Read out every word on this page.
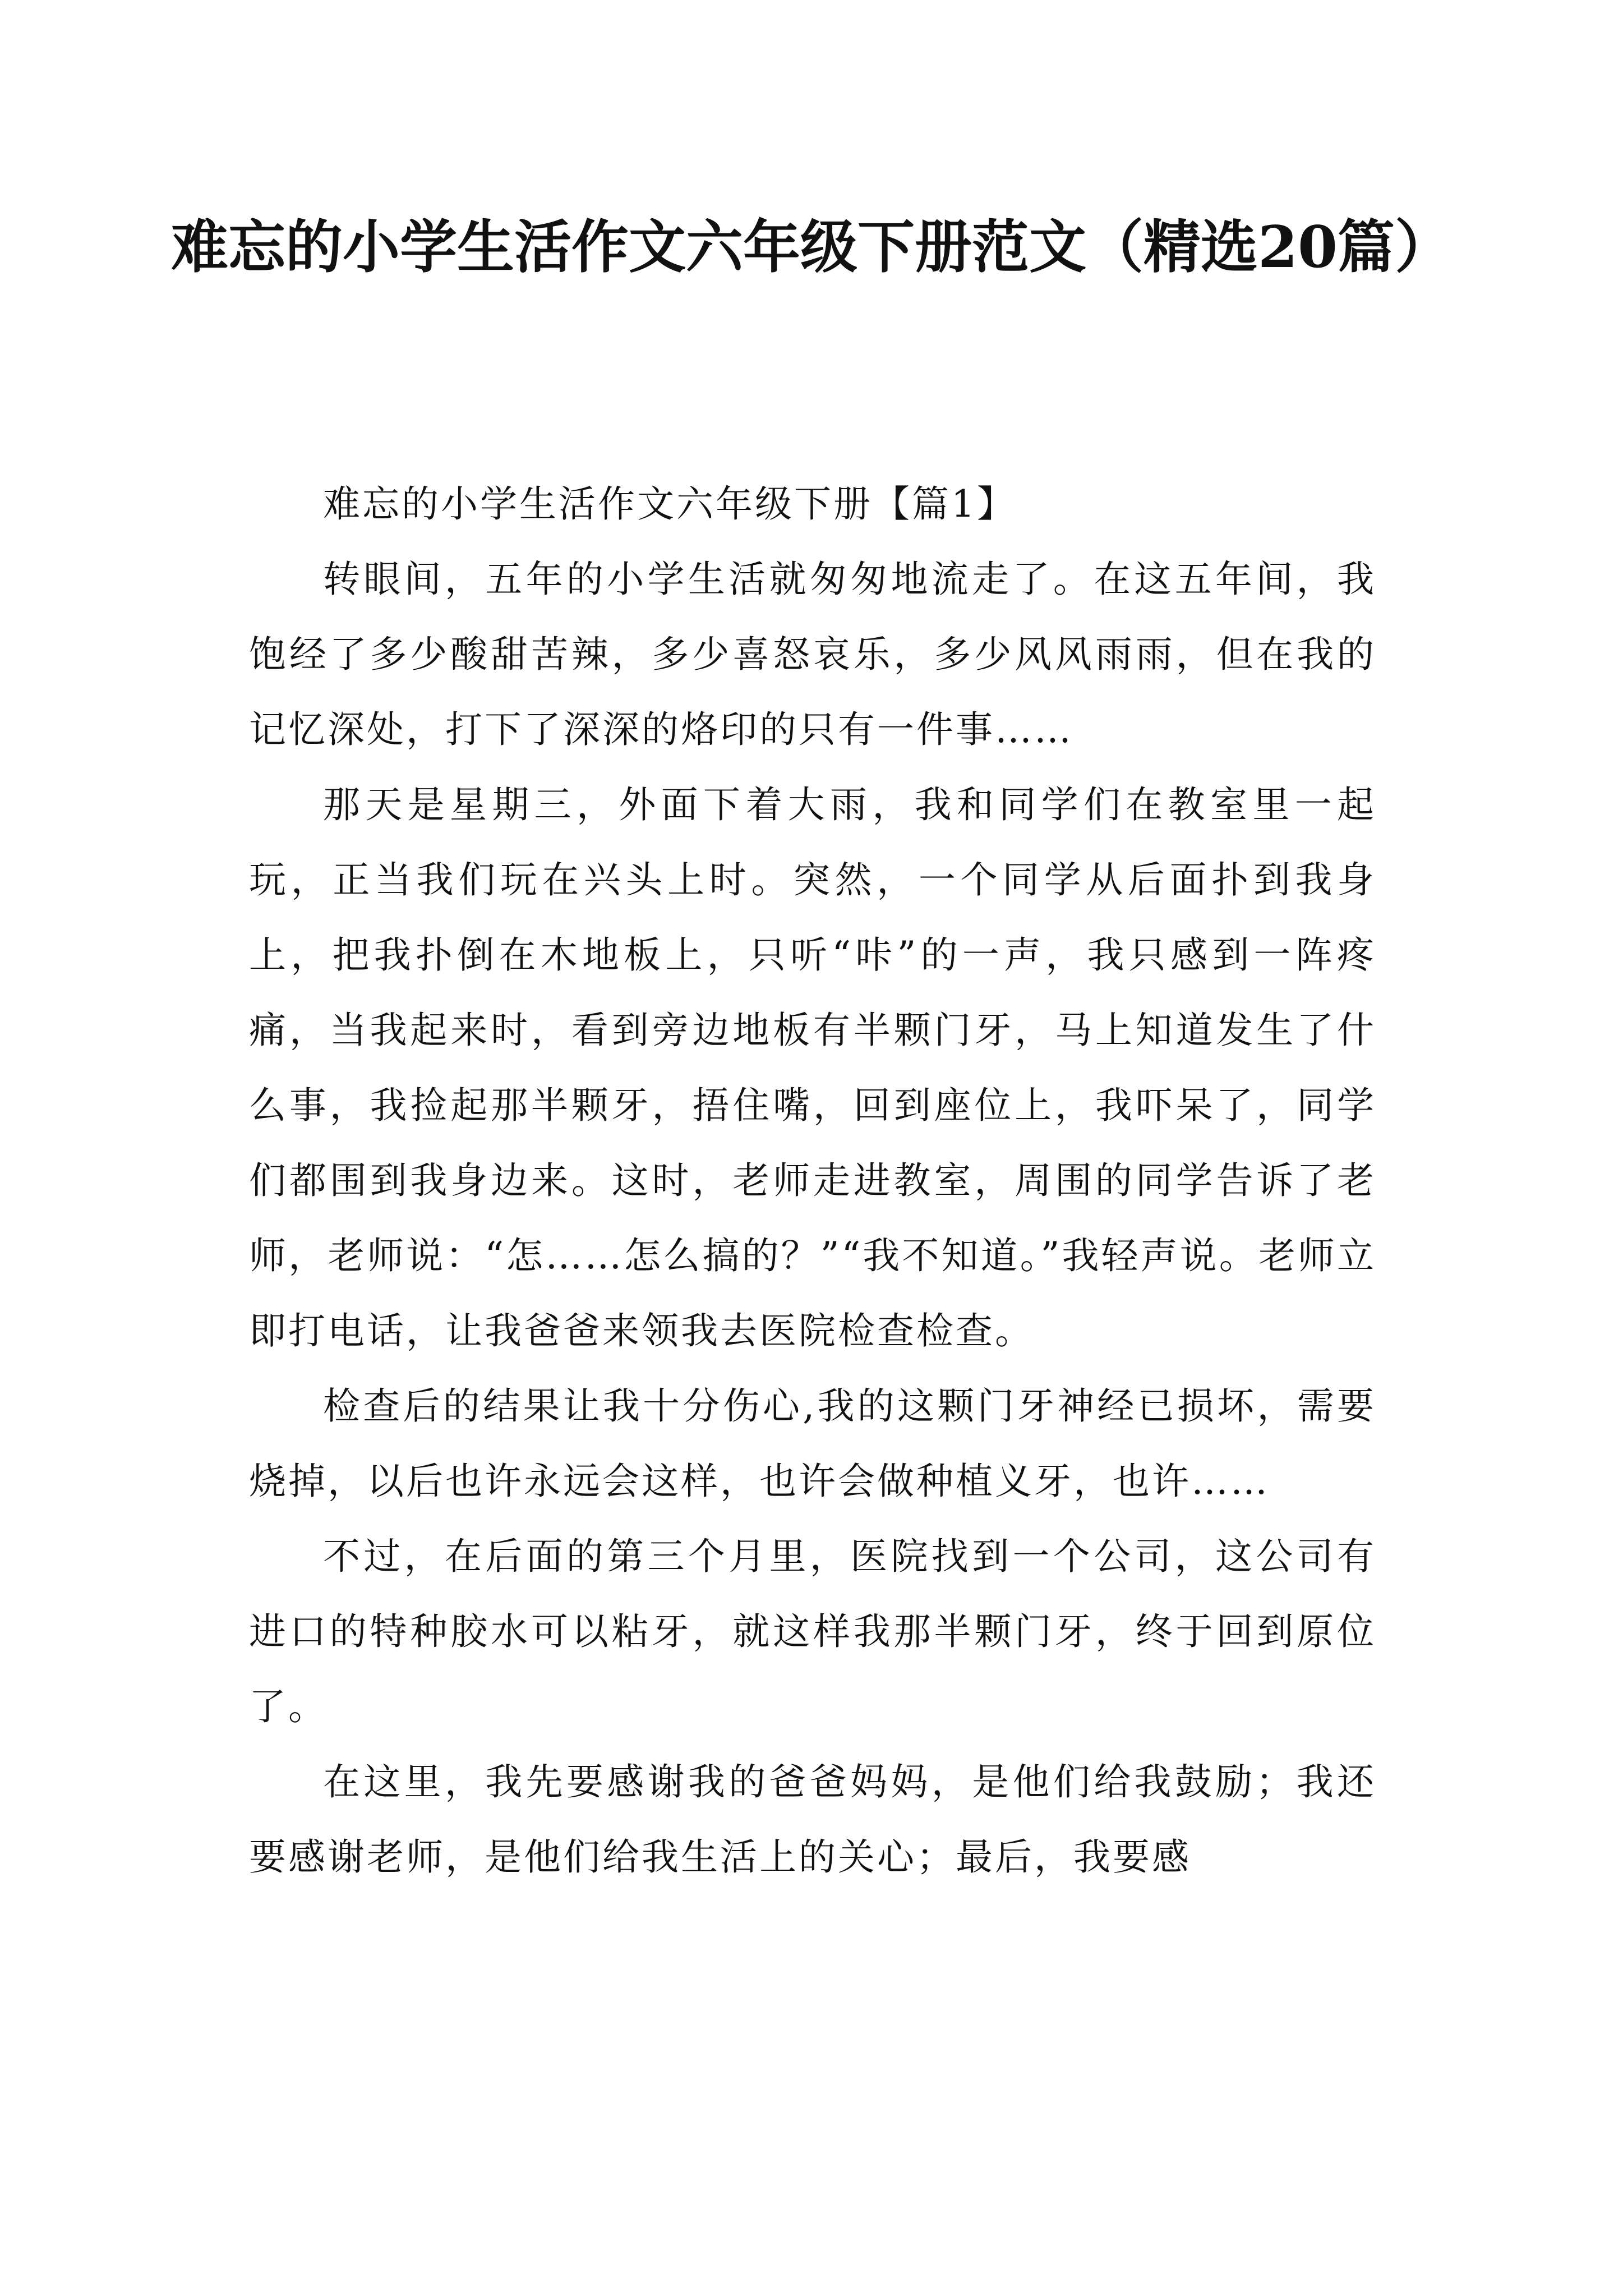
难忘的小学生活作文六年级下册范文（精选20篇）

难忘的小学生活作文六年级下册【篇1】

转眼间，五年的小学生活就匆匆地流走了。在这五年间，我饱经了多少酸甜苦辣，多少喜怒哀乐，多少风风雨雨，但在我的记忆深处，打下了深深的烙印的只有一件事……

那天是星期三，外面下着大雨，我和同学们在教室里一起玩，正当我们玩在兴头上时。突然，一个同学从后面扑到我身上，把我扑倒在木地板上，只听“咔”的一声，我只感到一阵疼痛，当我起来时，看到旁边地板有半颗门牙，马上知道发生了什么事，我捡起那半颗牙，捂住嘴，回到座位上，我吓呆了，同学们都围到我身边来。这时，老师走进教室，周围的同学告诉了老师，老师说：“怎……怎么搞的？”“我不知道。”我轻声说。老师立即打电话，让我爸爸来领我去医院检查检查。

检查后的结果让我十分伤心,我的这颗门牙神经已损坏，需要烧掉，以后也许永远会这样，也许会做种植义牙，也许……

不过，在后面的第三个月里，医院找到一个公司，这公司有进口的特种胶水可以粘牙，就这样我那半颗门牙，终于回到原位了。

在这里，我先要感谢我的爸爸妈妈，是他们给我鼓励；我还要感谢老师，是他们给我生活上的关心；最后，我要感
